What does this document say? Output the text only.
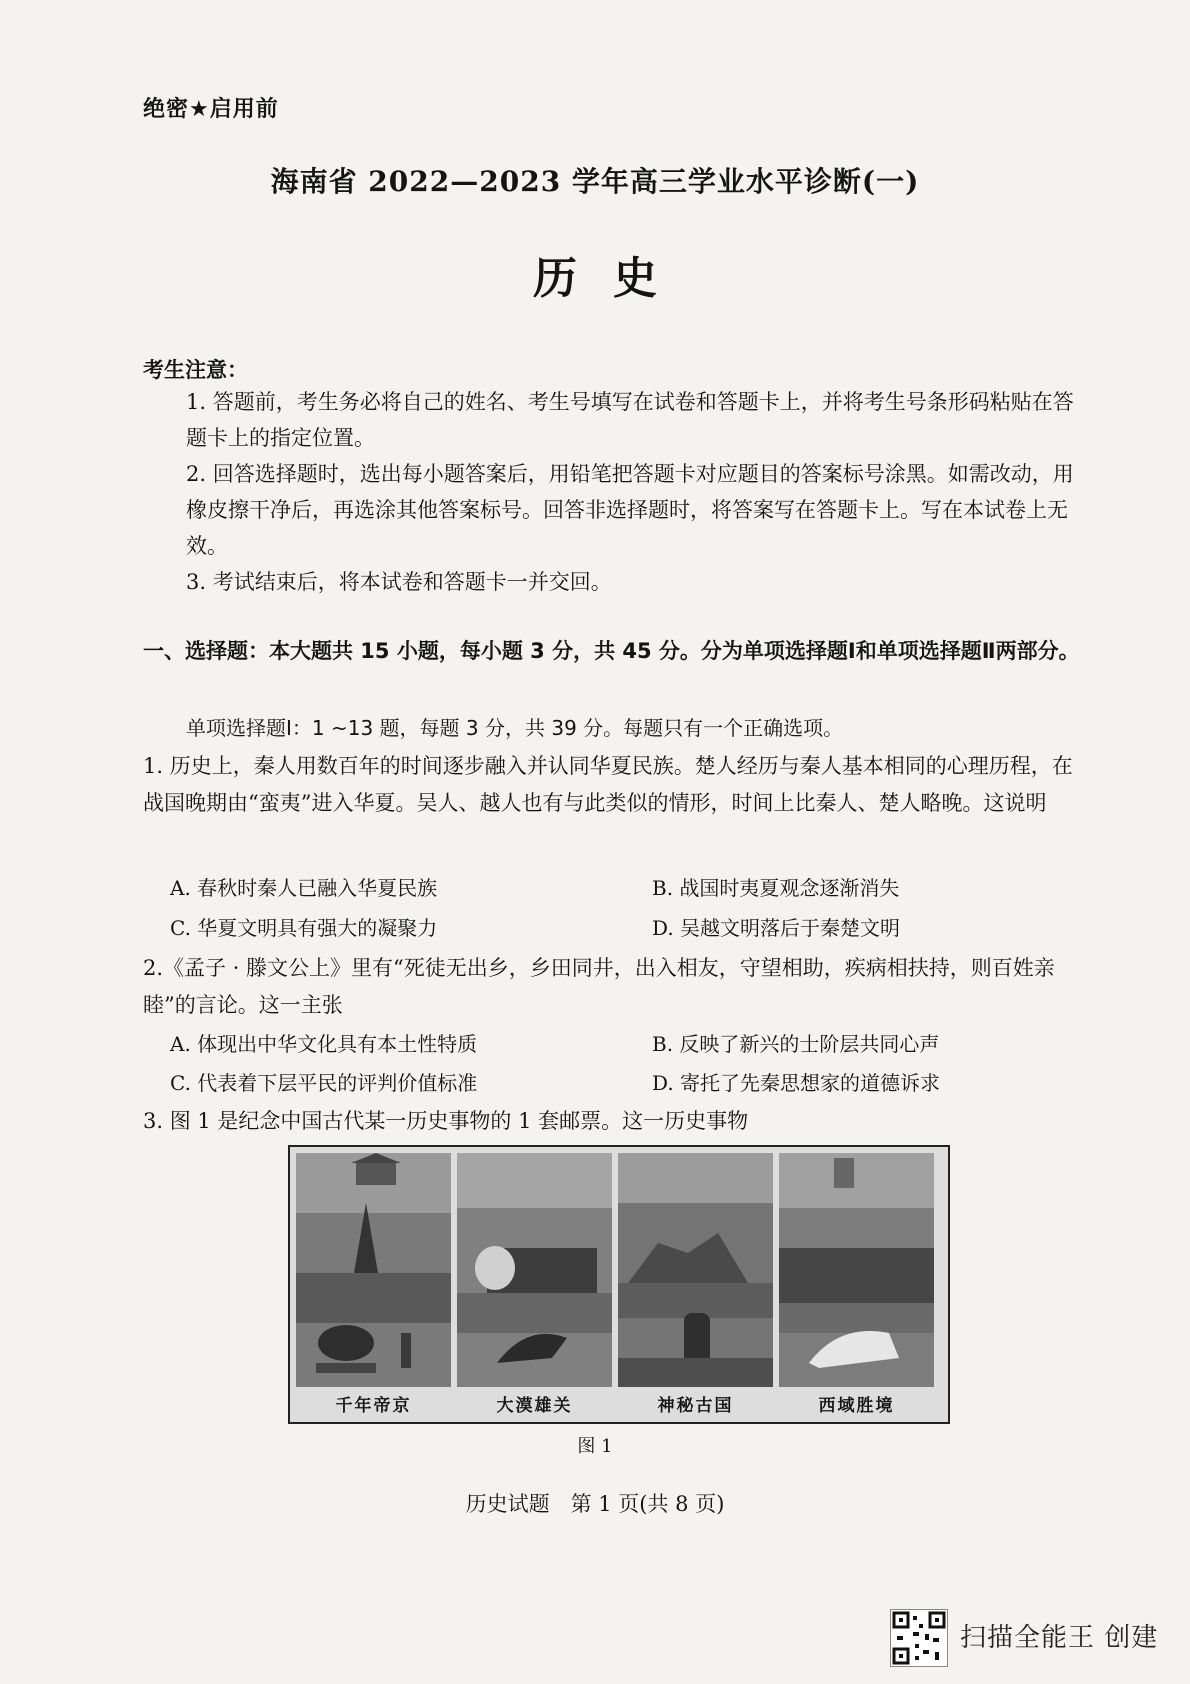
绝密★启用前
海南省 2022—2023 学年高三学业水平诊断(一)
历史
考生注意：
1. 答题前，考生务必将自己的姓名、考生号填写在试卷和答题卡上，并将考生号条形码粘贴在答题卡上的指定位置。
2. 回答选择题时，选出每小题答案后，用铅笔把答题卡对应题目的答案标号涂黑。如需改动，用橡皮擦干净后，再选涂其他答案标号。回答非选择题时，将答案写在答题卡上。写在本试卷上无效。
3. 考试结束后，将本试卷和答题卡一并交回。
一、选择题：本大题共 15 小题，每小题 3 分，共 45 分。分为单项选择题Ⅰ和单项选择题Ⅱ两部分。
单项选择题Ⅰ：1 ~13 题，每题 3 分，共 39 分。每题只有一个正确选项。
1. 历史上，秦人用数百年的时间逐步融入并认同华夏民族。楚人经历与秦人基本相同的心理历程，在战国晚期由“蛮夷”进入华夏。吴人、越人也有与此类似的情形，时间上比秦人、楚人略晚。这说明
A. 春秋时秦人已融入华夏民族	B. 战国时夷夏观念逐渐消失
C. 华夏文明具有强大的凝聚力	D. 吴越文明落后于秦楚文明
2.《孟子 · 滕文公上》里有“死徒无出乡，乡田同井，出入相友，守望相助，疾病相扶持，则百姓亲睦”的言论。这一主张
A. 体现出中华文化具有本土性特质	B. 反映了新兴的士阶层共同心声
C. 代表着下层平民的评判价值标准	D. 寄托了先秦思想家的道德诉求
3. 图 1 是纪念中国古代某一历史事物的 1 套邮票。这一历史事物
千年帝京	大漠雄关	神秘古国	西域胜境
图 1
历史试题　第 1 页(共 8 页)
扫描全能王 创建
